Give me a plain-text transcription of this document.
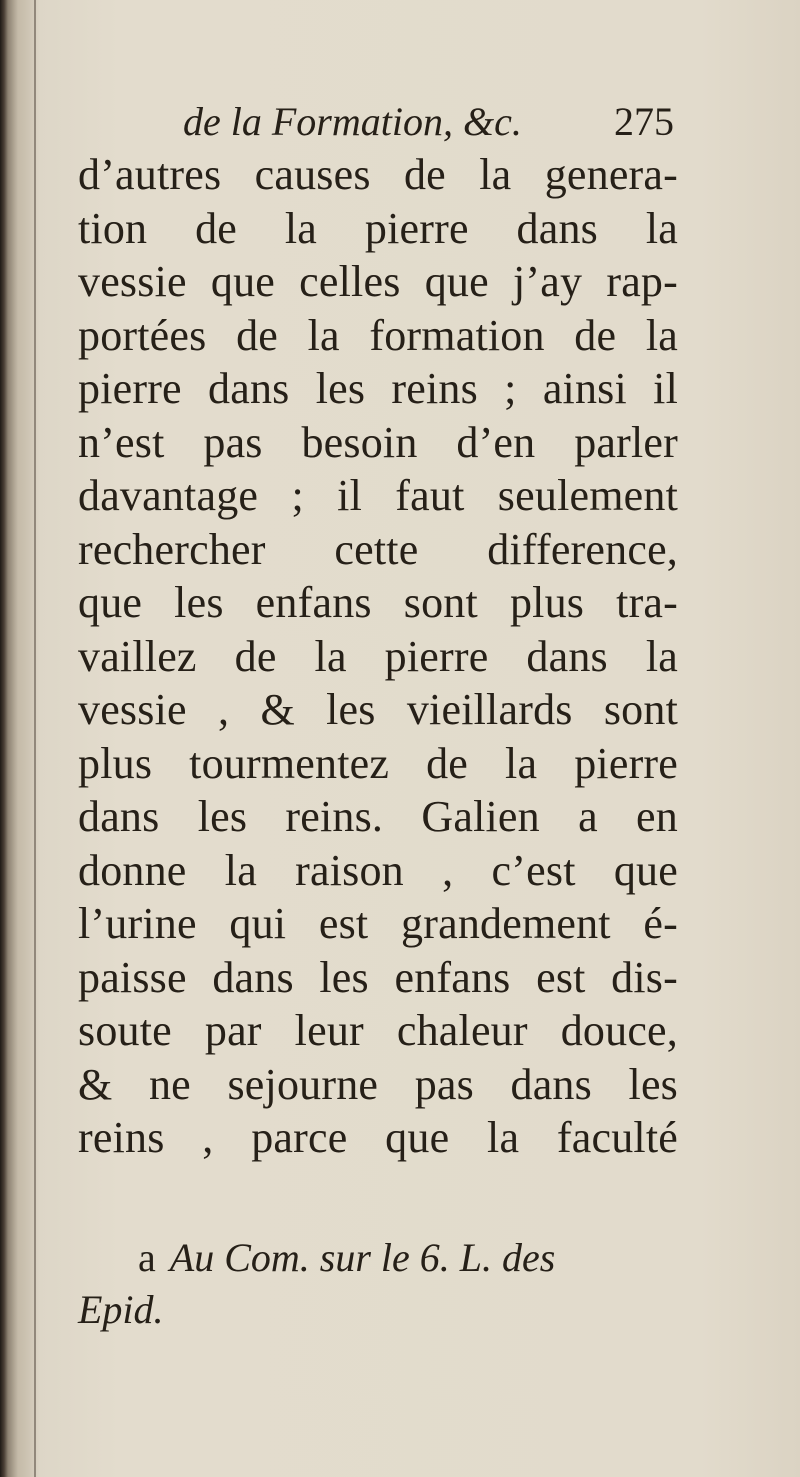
de la Formation, &c. 275
d’autres causes de la genera-
tion de la pierre dans la
vessie que celles que j’ay rap-
portées de la formation de la
pierre dans les reins ; ainsi il
n’est pas besoin d’en parler
davantage ; il faut seulement
rechercher cette difference,
que les enfans sont plus tra-
vaillez de la pierre dans la
vessie , & les vieillards sont
plus tourmentez de la pierre
dans les reins. Galien a en
donne la raison , c’est que
l’urine qui est grandement é-
paisse dans les enfans est dis-
soute par leur chaleur douce,
& ne sejourne pas dans les
reins , parce que la faculté
a Au Com. sur le 6. L. des
Epid.
